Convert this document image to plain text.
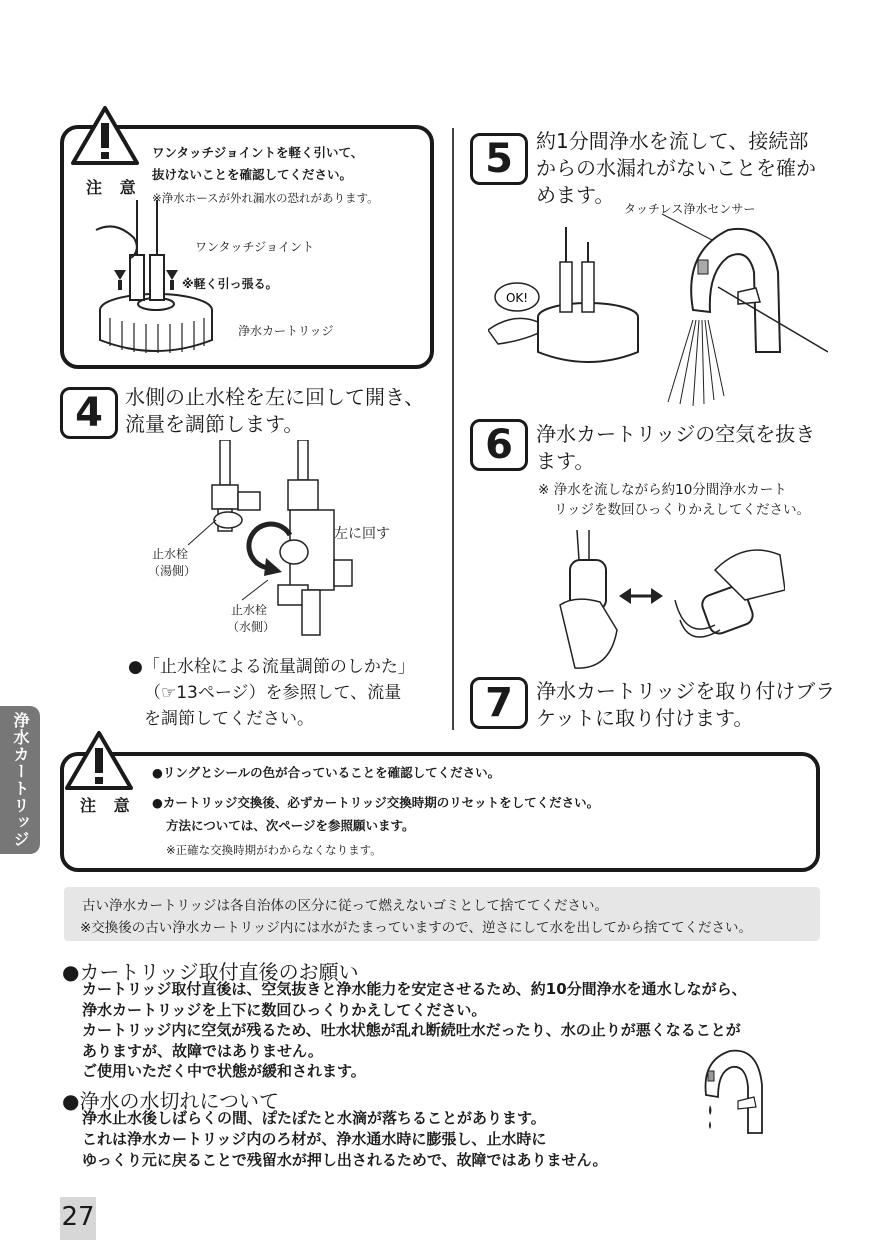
注 意
ワンタッチジョイントを軽く引いて、
抜けないことを確認してください。
※浄水ホースが外れ漏水の恐れがあります。
ワンタッチジョイント
※軽く引っ張る。
浄水カートリッジ
4	水側の止水栓を左に回して開き、
流量を調節します。
左に回す
止水栓
（湯側）
止水栓
（水側）
●「止水栓による流量調節のしかた」
（☞13ページ）を参照して、流量
を調節してください。
5	約1分間浄水を流して、接続部
からの水漏れがないことを確か
めます。
タッチレス浄水センサー
OK!
6	浄水カートリッジの空気を抜き
ます。
※ 浄水を流しながら約10分間浄水カート
リッジを数回ひっくりかえしてください。
7	浄水カートリッジを取り付けブラ
ケットに取り付けます。
浄水カートリッジ	注 意
●リングとシールの色が合っていることを確認してください。
●カートリッジ交換後、必ずカートリッジ交換時期のリセットをしてください。
方法については、次ページを参照願います。
※正確な交換時期がわからなくなります。

古い浄水カートリッジは各自治体の区分に従って燃えないゴミとして捨ててください。

※交換後の古い浄水カートリッジ内には水がたまっていますので、逆さにして水を出してから捨ててください。

●カートリッジ取付直後のお願い
カートリッジ取付直後は、空気抜きと浄水能力を安定させるため、約10分間浄水を通水しながら、
浄水カートリッジを上下に数回ひっくりかえしてください。
カートリッジ内に空気が残るため、吐水状態が乱れ断続吐水だったり、水の止りが悪くなることが
ありますが、故障ではありません。
ご使用いただく中で状態が緩和されます。
●浄水の水切れについて
浄水止水後しばらくの間、ぽたぽたと水滴が落ちることがあります。
これは浄水カートリッジ内のろ材が、浄水通水時に膨張し、止水時に
ゆっくり元に戻ることで残留水が押し出されるためで、故障ではありません。
27
